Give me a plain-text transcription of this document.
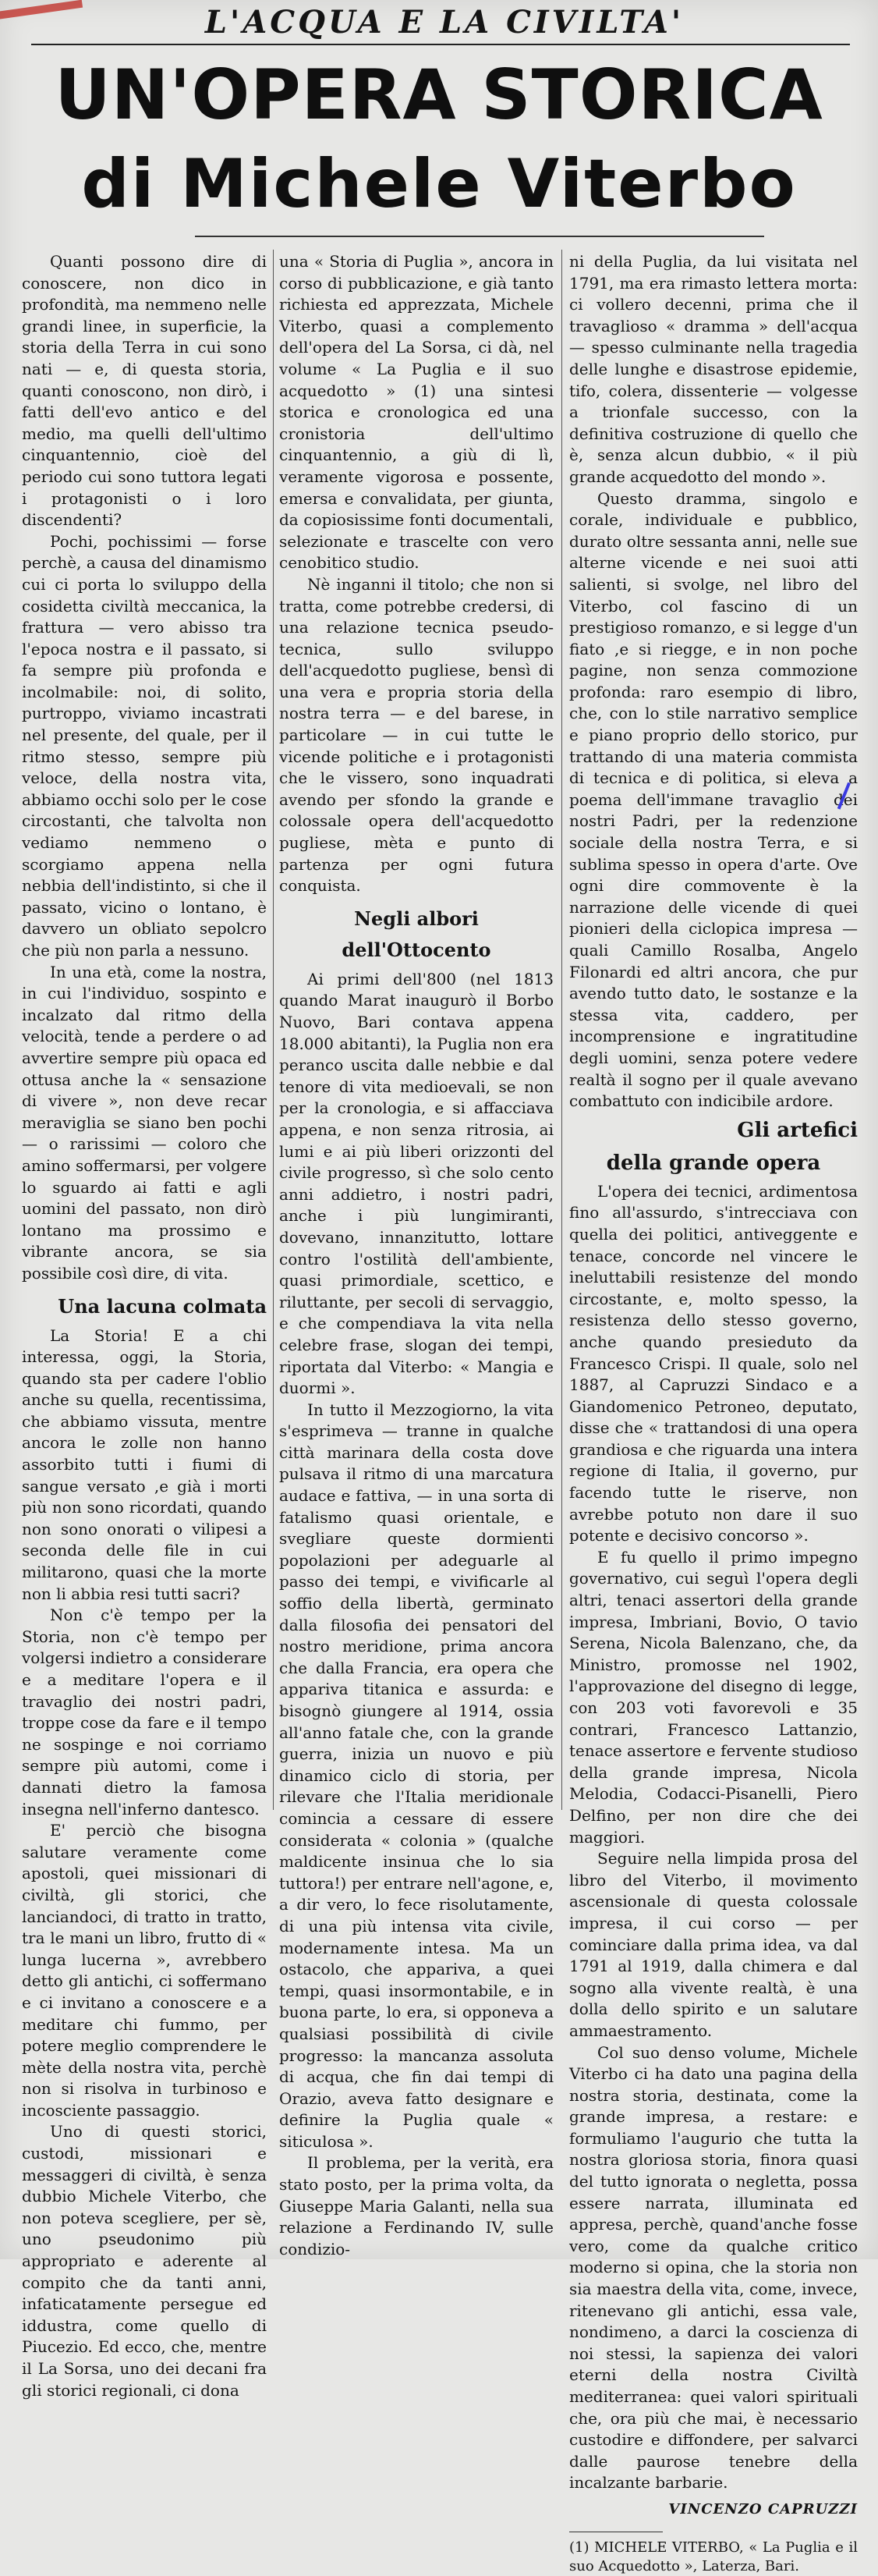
L'ACQUA E LA CIVILTA'
UN'OPERA STORICA
di Michele Viterbo

Quanti possono dire di conoscere, non dico in profondità, ma nemmeno nelle grandi linee, in superficie, la storia della Terra in cui sono nati — e, di questa storia, quanti conoscono, non dirò, i fatti dell'evo antico e del medio, ma quelli dell'ultimo cinquantennio, cioè del periodo cui sono tuttora legati i protagonisti o i loro discendenti?

Pochi, pochissimi — forse perchè, a causa del dinamismo cui ci porta lo sviluppo della cosidetta civiltà meccanica, la frattura — vero abisso tra l'epoca nostra e il passato, si fa sempre più profonda e incolmabile: noi, di solito, purtroppo, viviamo incastrati nel presente, del quale, per il ritmo stesso, sempre più veloce, della nostra vita, abbiamo occhi solo per le cose circostanti, che talvolta non vediamo nemmeno o scorgiamo appena nella nebbia dell'indistinto, si che il passato, vicino o lontano, è davvero un obliato sepolcro che più non parla a nessuno.

In una età, come la nostra, in cui l'individuo, sospinto e incalzato dal ritmo della velocità, tende a perdere o ad avvertire sempre più opaca ed ottusa anche la « sensazione di vivere », non deve recar meraviglia se siano ben pochi — o rarissimi — coloro che amino soffermarsi, per volgere lo sguardo ai fatti e agli uomini del passato, non dirò lontano ma prossimo e vibrante ancora, se sia possibile così dire, di vita.

Una lacuna colmata

La Storia! E a chi interessa, oggi, la Storia, quando sta per cadere l'oblio anche su quella, recentissima, che abbiamo vissuta, mentre ancora le zolle non hanno assorbito tutti i fiumi di sangue versato ,e già i morti più non sono ricordati, quando non sono onorati o vilipesi a seconda delle file in cui militarono, quasi che la morte non li abbia resi tutti sacri?

Non c'è tempo per la Storia, non c'è tempo per volgersi indietro a considerare e a meditare l'opera e il travaglio dei nostri padri, troppe cose da fare e il tempo ne sospinge e noi corriamo sempre più automi, come i dannati dietro la famosa insegna nell'inferno dantesco.

E' perciò che bisogna salutare veramente come apostoli, quei missionari di civiltà, gli storici, che lanciandoci, di tratto in tratto, tra le mani un libro, frutto di « lunga lucerna », avrebbero detto gli antichi, ci soffermano e ci invitano a conoscere e a meditare chi fummo, per potere meglio comprendere le mète della nostra vita, perchè non si risolva in turbinoso e incosciente passaggio.

Uno di questi storici, custodi, missionari e messaggeri di civiltà, è senza dubbio Michele Viterbo, che non poteva scegliere, per sè, uno pseudonimo più appropriato e aderente al compito che da tanti anni, infaticatamente persegue ed iddustra, come quello di Piucezio. Ed ecco, che, mentre il La Sorsa, uno dei decani fra gli storici regionali, ci dona

una « Storia di Puglia », ancora in corso di pubblicazione, e già tanto richiesta ed apprezzata, Michele Viterbo, quasi a complemento dell'opera del La Sorsa, ci dà, nel volume « La Puglia e il suo acquedotto » (1) una sintesi storica e cronologica ed una cronistoria dell'ultimo cinquantennio, a giù di lì, veramente vigorosa e possente, emersa e convalidata, per giunta, da copiosissime fonti documentali, selezionate e trascelte con vero cenobitico studio.

Nè inganni il titolo; che non si tratta, come potrebbe credersi, di una relazione tecnica pseudo-tecnica, sullo sviluppo dell'acquedotto pugliese, bensì di una vera e propria storia della nostra terra — e del barese, in particolare — in cui tutte le vicende politiche e i protagonisti che le vissero, sono inquadrati avendo per sfondo la grande e colossale opera dell'acquedotto pugliese, mèta e punto di partenza per ogni futura conquista.

Negli albori dell'Ottocento

Ai primi dell'800 (nel 1813 quando Marat inaugurò il Borbo Nuovo, Bari contava appena 18.000 abitanti), la Puglia non era peranco uscita dalle nebbie e dal tenore di vita medioevali, se non per la cronologia, e si affacciava appena, e non senza ritrosia, ai lumi e ai più liberi orizzonti del civile progresso, sì che solo cento anni addietro, i nostri padri, anche i più lungimiranti, dovevano, innanzitutto, lottare contro l'ostilità dell'ambiente, quasi primordiale, scettico, e riluttante, per secoli di servaggio, e che compendiava la vita nella celebre frase, slogan dei tempi, riportata dal Viterbo: « Mangia e duormi ».

In tutto il Mezzogiorno, la vita s'esprimeva — tranne in qualche città marinara della costa dove pulsava il ritmo di una marcatura audace e fattiva, — in una sorta di fatalismo quasi orientale, e svegliare queste dormienti popolazioni per adeguarle al passo dei tempi, e vivificarle al soffio della libertà, germinato dalla filosofia dei pensatori del nostro meridione, prima ancora che dalla Francia, era opera che appariva titanica e assurda: e bisognò giungere al 1914, ossia all'anno fatale che, con la grande guerra, inizia un nuovo e più dinamico ciclo di storia, per rilevare che l'Italia meridionale comincia a cessare di essere considerata « colonia » (qualche maldicente insinua che lo sia tuttora!) per entrare nell'agone, e, a dir vero, lo fece risolutamente, di una più intensa vita civile, modernamente intesa. Ma un ostacolo, che appariva, a quei tempi, quasi insormontabile, e in buona parte, lo era, si opponeva a qualsiasi possibilità di civile progresso: la mancanza assoluta di acqua, che fin dai tempi di Orazio, aveva fatto designare e definire la Puglia quale « siticulosa ».

Il problema, per la verità, era stato posto, per la prima volta, da Giuseppe Maria Galanti, nella sua relazione a Ferdinando IV, sulle condizio-

ni della Puglia, da lui visitata nel 1791, ma era rimasto lettera morta: ci vollero decenni, prima che il travaglioso « dramma » dell'acqua — spesso culminante nella tragedia delle lunghe e disastrose epidemie, tifo, colera, dissenterie — volgesse a trionfale successo, con la definitiva costruzione di quello che è, senza alcun dubbio, « il più grande acquedotto del mondo ».

Questo dramma, singolo e corale, individuale e pubblico, durato oltre sessanta anni, nelle sue alterne vicende e nei suoi atti salienti, si svolge, nel libro del Viterbo, col fascino di un prestigioso romanzo, e si legge d'un fiato ,e si riegge, e in non poche pagine, non senza commozione profonda: raro esempio di libro, che, con lo stile narrativo semplice e piano proprio dello storico, pur trattando di una materia commista di tecnica e di politica, si eleva a poema dell'immane travaglio dei nostri Padri, per la redenzione sociale della nostra Terra, e si sublima spesso in opera d'arte. Ove ogni dire commovente è la narrazione delle vicende di quei pionieri della ciclopica impresa — quali Camillo Rosalba, Angelo Filonardi ed altri ancora, che pur avendo tutto dato, le sostanze e la stessa vita, caddero, per incomprensione e ingratitudine degli uomini, senza potere vedere realtà il sogno per il quale avevano combattuto con indicibile ardore.

Gli artefici
della grande opera

L'opera dei tecnici, ardimentosa fino all'assurdo, s'intrecciava con quella dei politici, antiveggente e tenace, concorde nel vincere le ineluttabili resistenze del mondo circostante, e, molto spesso, la resistenza dello stesso governo, anche quando presieduto da Francesco Crispi. Il quale, solo nel 1887, al Capruzzi Sindaco e a Giandomenico Petroneo, deputato, disse che « trattandosi di una opera grandiosa e che riguarda una intera regione di Italia, il governo, pur facendo tutte le riserve, non avrebbe potuto non dare il suo potente e decisivo concorso ».

E fu quello il primo impegno governativo, cui seguì l'opera degli altri, tenaci assertori della grande impresa, Imbriani, Bovio, O tavio Serena, Nicola Balenzano, che, da Ministro, promosse nel 1902, l'approvazione del disegno di legge, con 203 voti favorevoli e 35 contrari, Francesco Lattanzio, tenace assertore e fervente studioso della grande impresa, Nicola Melodia, Codacci-Pisanelli, Piero Delfino, per non dire che dei maggiori.

Seguire nella limpida prosa del libro del Viterbo, il movimento ascensionale di questa colossale impresa, il cui corso — per cominciare dalla prima idea, va dal 1791 al 1919, dalla chimera e dal sogno alla vivente realtà, è una dolla dello spirito e un salutare ammaestramento.

Col suo denso volume, Michele Viterbo ci ha dato una pagina della nostra storia, destinata, come la grande impresa, a restare: e formuliamo l'augurio che tutta la nostra gloriosa storia, finora quasi del tutto ignorata o negletta, possa essere narrata, illuminata ed appresa, perchè, quand'anche fosse vero, come da qualche critico moderno si opina, che la storia non sia maestra della vita, come, invece, ritenevano gli antichi, essa vale, nondimeno, a darci la coscienza di noi stessi, la sapienza dei valori eterni della nostra Civiltà mediterranea: quei valori spirituali che, ora più che mai, è necessario custodire e diffondere, per salvarci dalle paurose tenebre della incalzante barbarie.

VINCENZO CAPRUZZI

(1) MICHELE VITERBO, « La Puglia e il suo Acquedotto », Laterza, Bari.
